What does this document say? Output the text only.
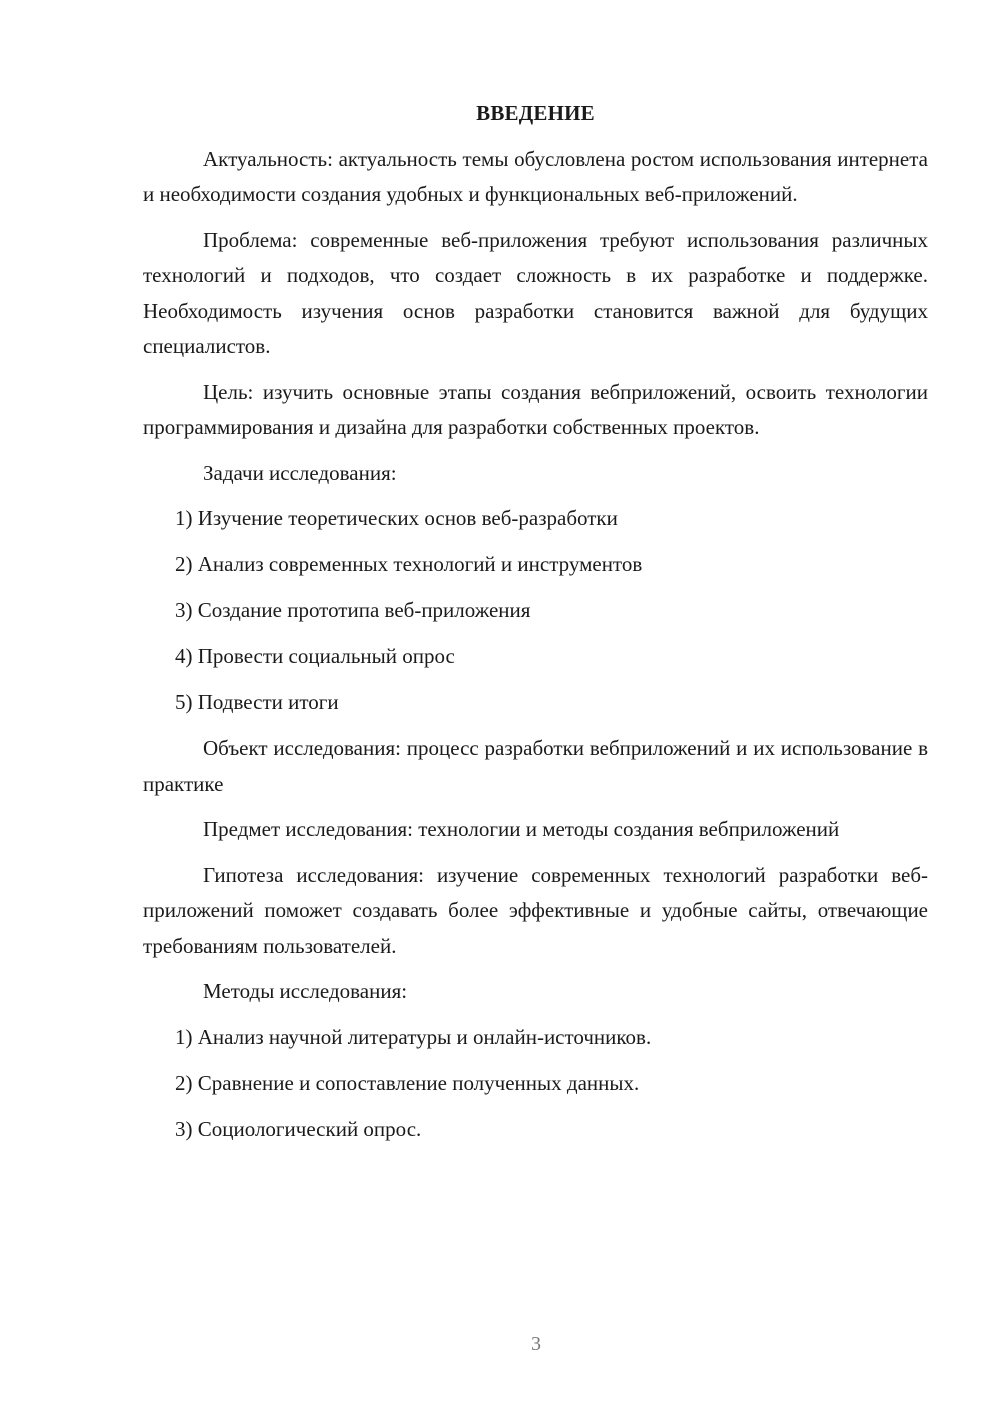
ВВЕДЕНИЕ

Актуальность: актуальность темы обусловлена ростом использования интернета и необходимости создания удобных и функциональных веб-приложений.

Проблема: современные веб-приложения требуют использования различных технологий и подходов, что создает сложность в их разработке и поддержке. Необходимость изучения основ разработки становится важной для будущих специалистов.

Цель: изучить основные этапы создания вебприложений, освоить технологии программирования и дизайна для разработки собственных проектов.

Задачи исследования:

1) Изучение теоретических основ веб-разработки
2) Анализ современных технологий и инструментов
3) Создание прототипа веб-приложения
4) Провести социальный опрос
5) Подвести итоги

Объект исследования: процесс разработки вебприложений и их использование в практике

Предмет исследования: технологии и методы создания вебприложений

Гипотеза исследования: изучение современных технологий разработки веб-приложений поможет создавать более эффективные и удобные сайты, отвечающие требованиям пользователей.

Методы исследования:

1) Анализ научной литературы и онлайн-источников.
2) Сравнение и сопоставление полученных данных.
3) Социологический опрос.
3
